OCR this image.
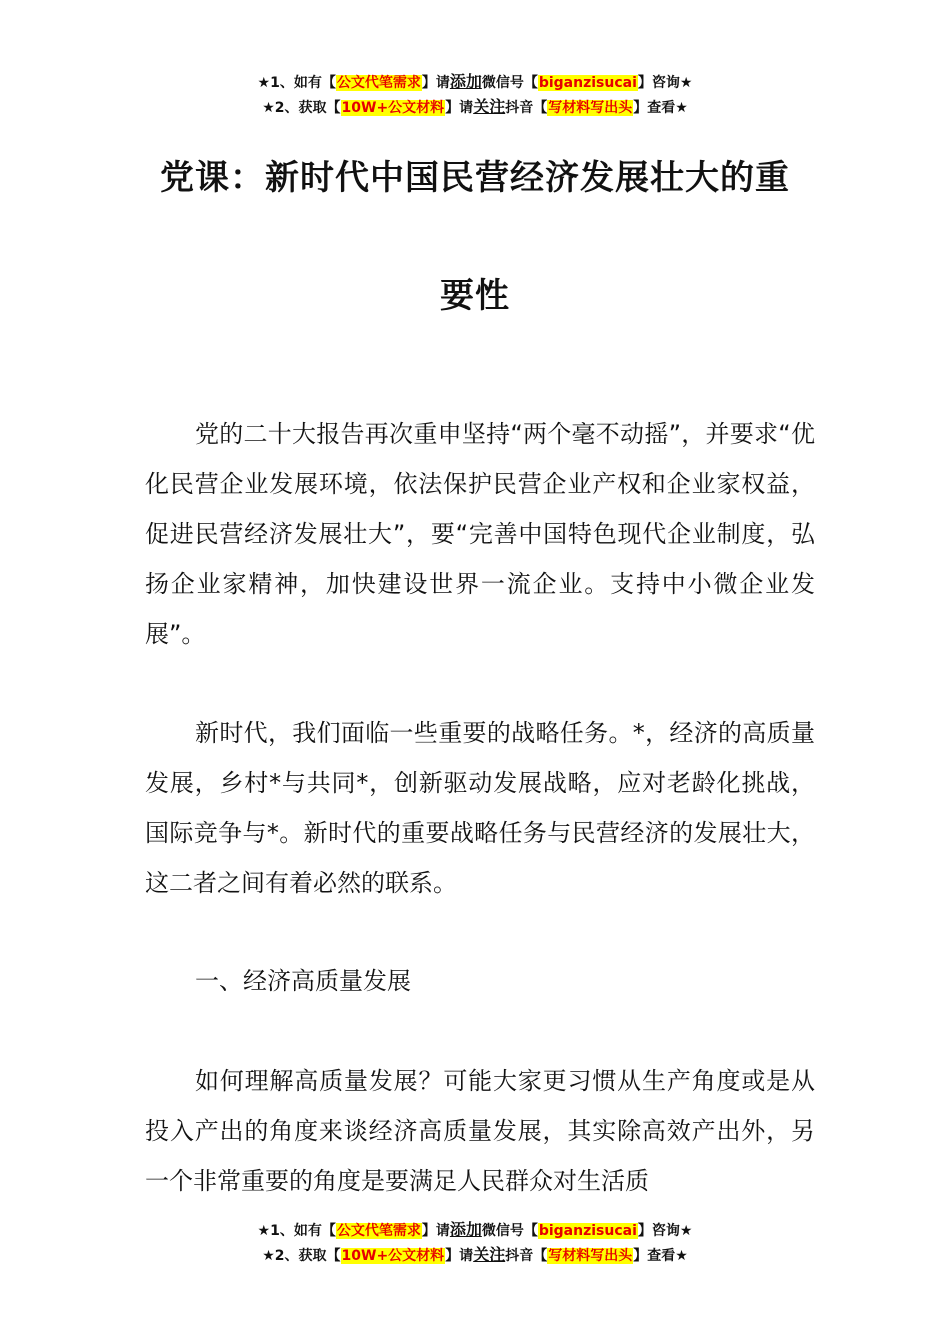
★1、如有【公文代笔需求】请添加微信号【biganzisucai】咨询★
★2、获取【10W+公文材料】请关注抖音【写材料写出头】查看★
党课：新时代中国民营经济发展壮大的重
要性

党的二十大报告再次重申坚持“两个毫不动摇”，并要求“优化民营企业发展环境，依法保护民营企业产权和企业家权益，促进民营经济发展壮大”，要“完善中国特色现代企业制度，弘扬企业家精神，加快建设世界一流企业。支持中小微企业发展”。

新时代，我们面临一些重要的战略任务。*，经济的高质量发展，乡村*与共同*，创新驱动发展战略，应对老龄化挑战，国际竞争与*。新时代的重要战略任务与民营经济的发展壮大，这二者之间有着必然的联系。

一、经济高质量发展

如何理解高质量发展？可能大家更习惯从生产角度或是从投入产出的角度来谈经济高质量发展，其实除高效产出外，另一个非常重要的角度是要满足人民群众对生活质

★1、如有【公文代笔需求】请添加微信号【biganzisucai】咨询★
★2、获取【10W+公文材料】请关注抖音【写材料写出头】查看★
